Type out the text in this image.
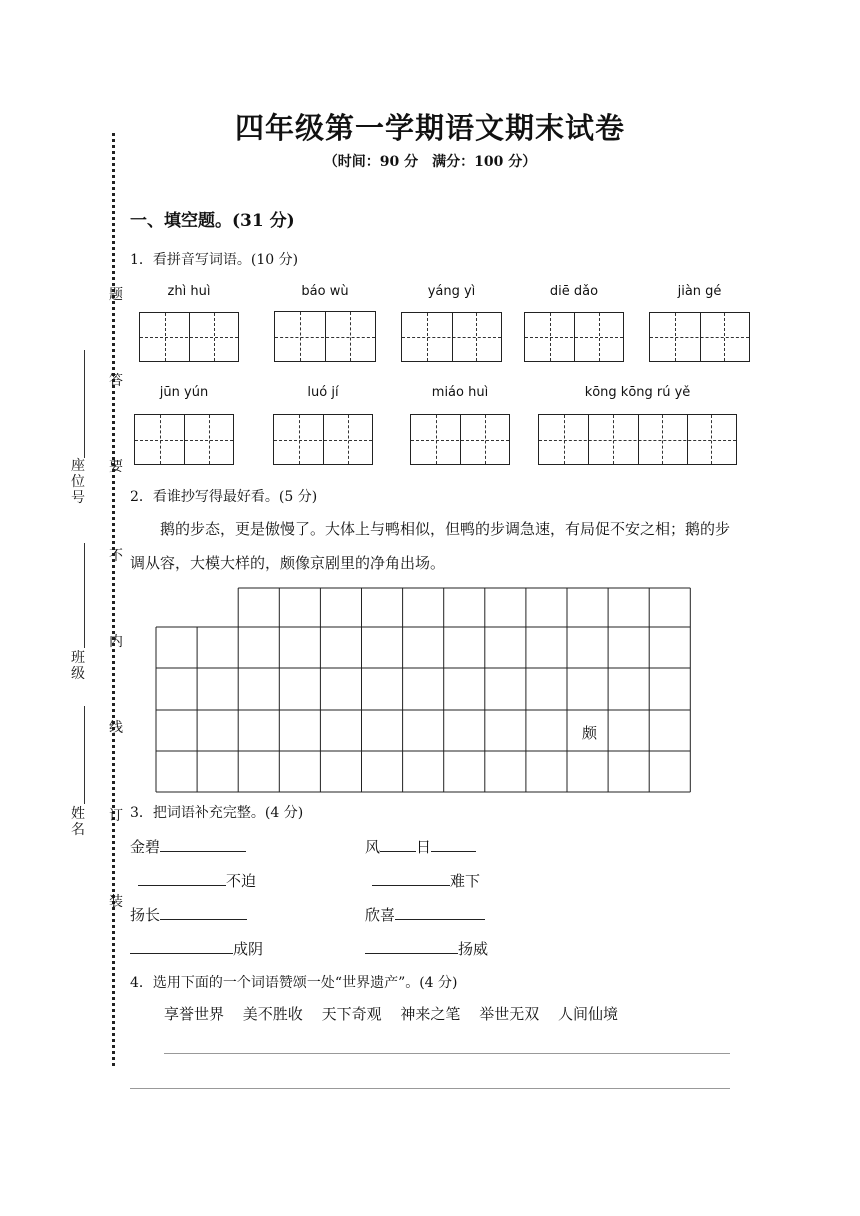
题
答
要
不
内
线
订
装
座位号
班级
姓名
四年级第一学期语文期末试卷
（时间：90 分　满分：100 分）
一、填空题。(31 分)
1．看拼音写词语。(10 分)
zhì huì	báo wù	yáng yì	diē dǎo	jiàn gé
jūn yún	luó jí	miáo huì	kōng kōng rú yě
2．看谁抄写得最好看。(5 分)
鹅的步态，更是傲慢了。大体上与鸭相似，但鸭的步调急速，有局促不安之相；鹅的步调从容，大模大样的，颇像京剧里的净角出场。
颇
3．把词语补充完整。(4 分)
金碧	风 日
不迫	难下
扬长	欣喜
成阴	扬威
4．选用下面的一个词语赞颂一处“世界遗产”。(4 分)
享誉世界 美不胜收 天下奇观 神来之笔 举世无双 人间仙境
